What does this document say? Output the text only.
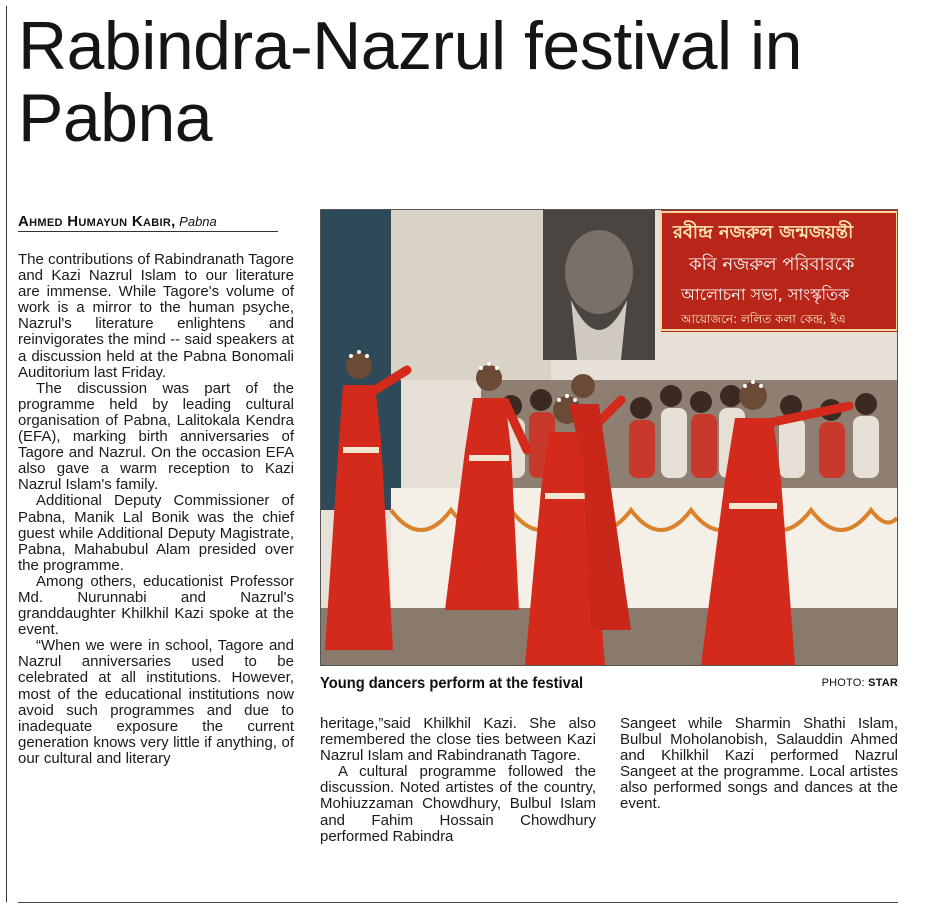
Rabindra-Nazrul festival in
Pabna
Ahmed Humayun Kabir, Pabna

The contributions of Rabindranath Tagore and Kazi Nazrul Islam to our literature are immense. While Tagore's volume of work is a mirror to the human psyche, Nazrul's literature enlightens and reinvigorates the mind -- said speakers at a discussion held at the Pabna Bonomali Auditorium last Friday.

The discussion was part of the programme held by leading cultural organisation of Pabna, Lalitokala Kendra (EFA), marking birth anniversaries of Tagore and Nazrul. On the occasion EFA also gave a warm reception to Kazi Nazrul Islam's family.

Additional Deputy Commissioner of Pabna, Manik Lal Bonik was the chief guest while Additional Deputy Magistrate, Pabna, Mahabubul Alam presided over the programme.

Among others, educationist Professor Md. Nurunnabi and Nazrul's granddaughter Khilkhil Kazi spoke at the event.

“When we were in school, Tagore and Nazrul anniversaries used to be celebrated at all institutions. However, most of the educational institutions now avoid such programmes and due to inadequate exposure the current generation knows very little if anything, of our cultural and literary

রবীন্দ্র নজরুল জন্মজয়ন্তী
কবি নজরুল পরিবারকে
আলোচনা সভা, সাংস্কৃতিক
আয়োজনে: ললিত কলা কেন্দ্র, ইএ
Young dancers perform at the festival	PHOTO: STAR

heritage,”said Khilkhil Kazi. She also remembered the close ties between Kazi Nazrul Islam and Rabindranath Tagore.

A cultural programme followed the discussion. Noted artistes of the country, Mohiuzzaman Chowdhury, Bulbul Islam and Fahim Hossain Chowdhury performed Rabindra

Sangeet while Sharmin Shathi Islam, Bulbul Moholanobish, Salauddin Ahmed and Khilkhil Kazi performed Nazrul Sangeet at the programme. Local artistes also performed songs and dances at the event.
